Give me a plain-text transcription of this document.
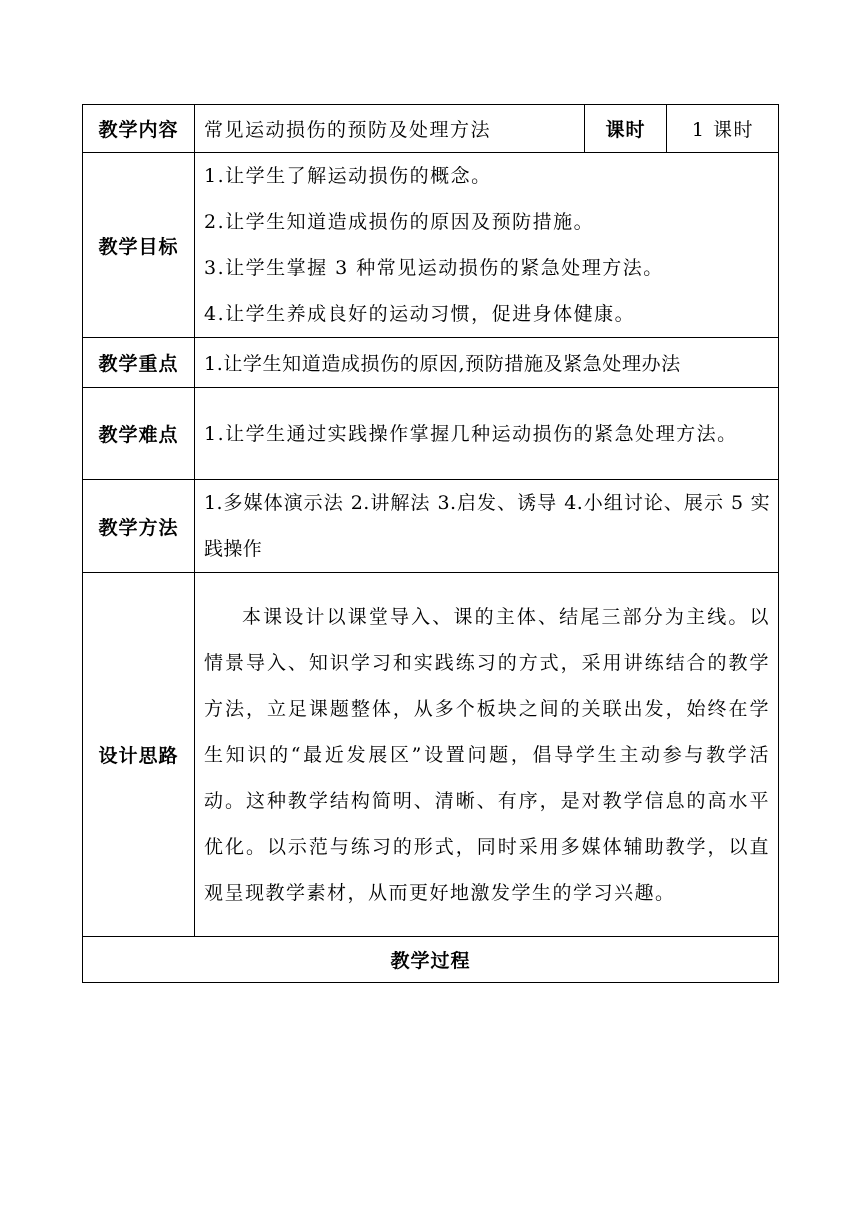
教学内容	常见运动损伤的预防及处理方法	课时	1 课时
教学目标	1.让学生了解运动损伤的概念。

2.让学生知道造成损伤的原因及预防措施。

3.让学生掌握 3 种常见运动损伤的紧急处理方法。

4.让学生养成良好的运动习惯，促进身体健康。		

教学重点	1.让学生知道造成损伤的原因,预防措施及紧急处理办法		
教学难点	1.让学生通过实践操作掌握几种运动损伤的紧急处理方法。		
教学方法	1.多媒体演示法 2.讲解法 3.启发、诱导 4.小组讨论、展示 5 实践操作		
设计思路	本课设计以课堂导入、课的主体、结尾三部分为主线。以情景导入、知识学习和实践练习的方式，采用讲练结合的教学方法，立足课题整体，从多个板块之间的关联出发，始终在学生知识的“最近发展区”设置问题，倡导学生主动参与教学活动。这种教学结构简明、清晰、有序，是对教学信息的高水平优化。以示范与练习的形式，同时采用多媒体辅助教学，以直观呈现教学素材，从而更好地激发学生的学习兴趣。		
教学过程			
